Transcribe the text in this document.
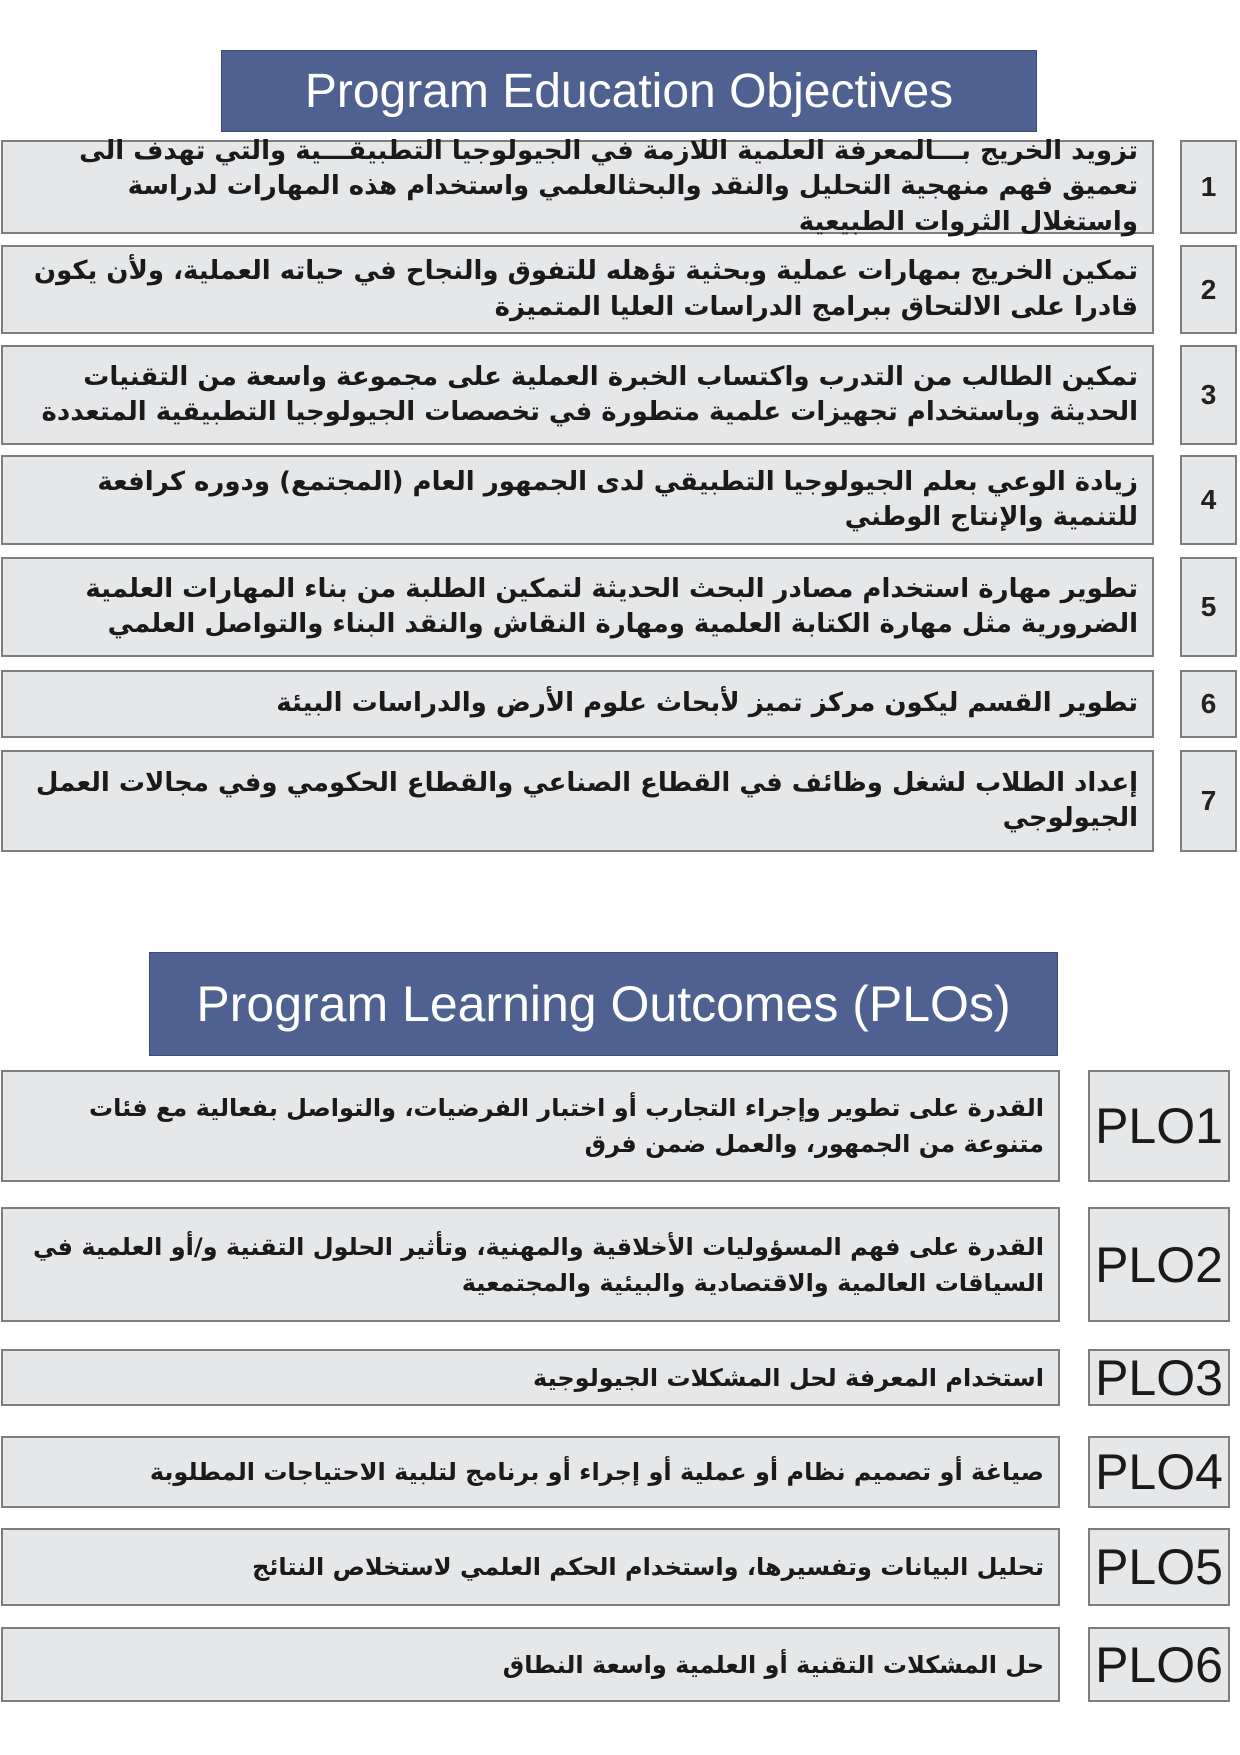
Program Education Objectives
تزويد الخريج بـــالمعرفة العلمية اللازمة في الجيولوجيا التطبيقـــية والتي تهدف الى تعميق فهم منهجية التحليل والنقد والبحثالعلمي واستخدام هذه المهارات لدراسة واستغلال الثروات الطبيعية
1
تمكين الخريج بمهارات عملية وبحثية تؤهله للتفوق والنجاح في حياته العملية، ولأن يكون قادرا على الالتحاق ببرامج الدراسات العليا المتميزة
2
تمكين الطالب من التدرب واكتساب الخبرة العملية على مجموعة واسعة من التقنيات الحديثة وباستخدام تجهيزات علمية متطورة في تخصصات الجيولوجيا التطبيقية المتعددة
3
زيادة الوعي بعلم الجيولوجيا التطبيقي لدى الجمهور العام (المجتمع) ودوره كرافعة للتنمية والإنتاج الوطني
4
تطوير مهارة استخدام مصادر البحث الحديثة لتمكين الطلبة من بناء المهارات العلمية الضرورية مثل مهارة الكتابة العلمية ومهارة النقاش والنقد البناء والتواصل العلمي
5
تطوير القسم ليكون مركز تميز لأبحاث علوم الأرض والدراسات البيئة 6
إعداد الطلاب لشغل وظائف في القطاع الصناعي والقطاع الحكومي وفي مجالات العمل الجيولوجي
7
Program Learning Outcomes (PLOs)
القدرة على تطوير وإجراء التجارب أو اختبار الفرضيات، والتواصل بفعالية مع فئات متنوعة من الجمهور، والعمل ضمن فرق PLO1
القدرة على فهم المسؤوليات الأخلاقية والمهنية، وتأثير الحلول التقنية و/أو العلمية في السياقات العالمية والاقتصادية والبيئية والمجتمعية PLO2
استخدام المعرفة لحل المشكلات الجيولوجية PLO3
صياغة أو تصميم نظام أو عملية أو إجراء أو برنامج لتلبية الاحتياجات المطلوبة PLO4
تحليل البيانات وتفسيرها، واستخدام الحكم العلمي لاستخلاص النتائج PLO5
حل المشكلات التقنية أو العلمية واسعة النطاق PLO6
